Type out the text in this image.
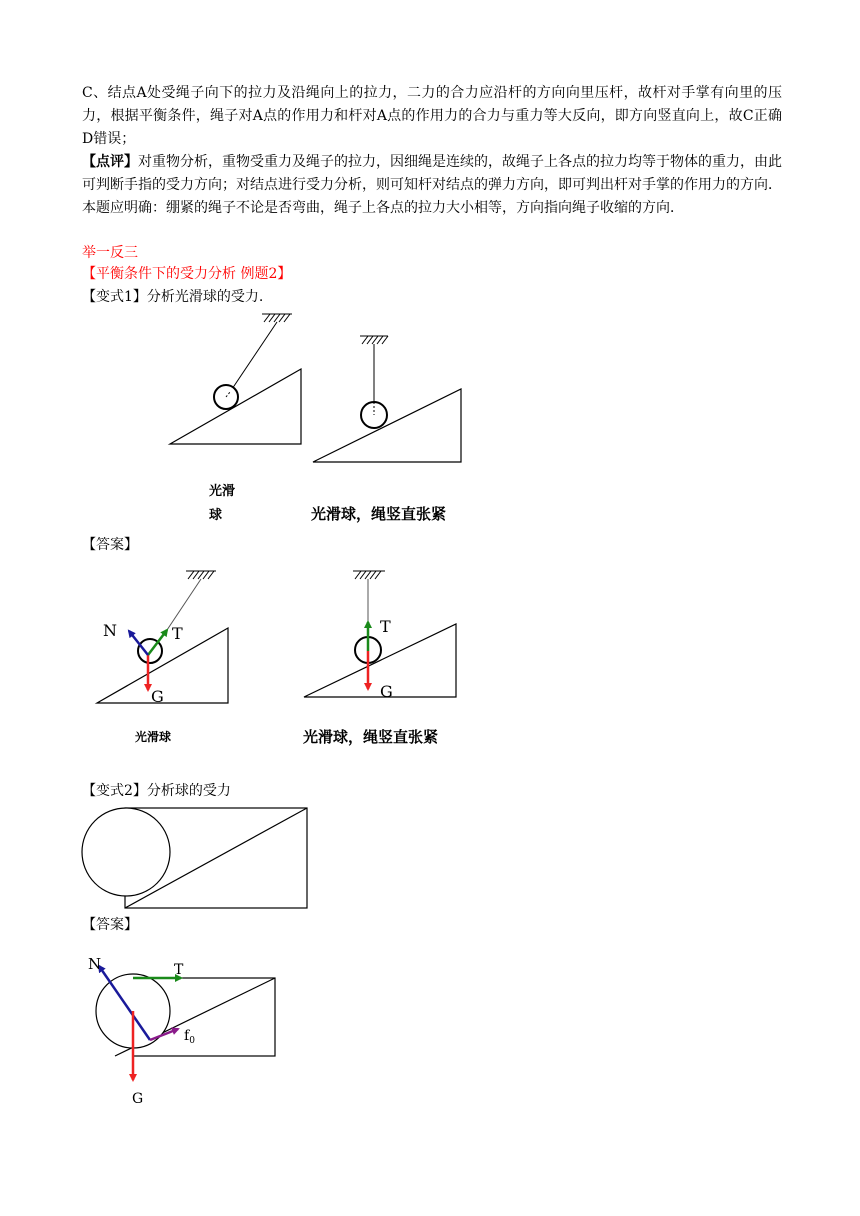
C、结点A处受绳子向下的拉力及沿绳向上的拉力，二力的合力应沿杆的方向向里压杆，故杆对手掌有向里的压力，根据平衡条件，绳子对A点的作用力和杆对A点的作用力的合力与重力等大反向，即方向竖直向上，故C正确D错误；
【点评】对重物分析，重物受重力及绳子的拉力，因细绳是连续的，故绳子上各点的拉力均等于物体的重力，由此可判断手指的受力方向；对结点进行受力分析，则可知杆对结点的弹力方向，即可判出杆对手掌的作用力的方向．本题应明确：绷紧的绳子不论是否弯曲，绳子上各点的拉力大小相等，方向指向绳子收缩的方向．
举一反三
【平衡条件下的受力分析 例题2】
【变式1】分析光滑球的受力.
【答案】
【变式2】分析球的受力
【答案】
光滑
球	光滑球，绳竖直张紧
光滑球	光滑球，绳竖直张紧
N	T
G
T
G
N	T
$f_0$
G
